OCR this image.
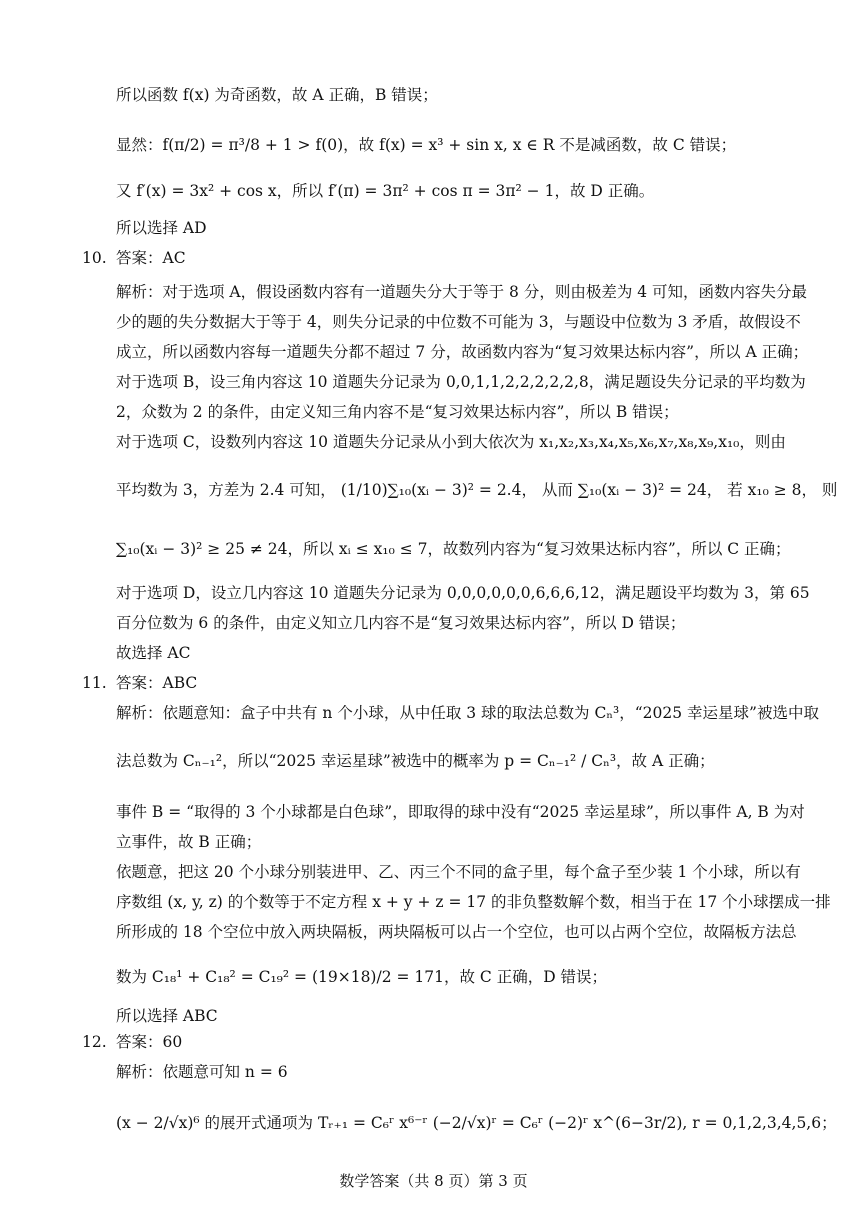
所以函数 f(x) 为奇函数，故 A 正确，B 错误；
显然：f(π/2) = π³/8 + 1 > f(0)，故 f(x) = x³ + sin x, x ∈ R 不是减函数，故 C 错误；
又 f′(x) = 3x² + cos x，所以 f′(π) = 3π² + cos π = 3π² − 1，故 D 正确。
所以选择 AD
解析：对于选项 A，假设函数内容有一道题失分大于等于 8 分，则由极差为 4 可知，函数内容失分最
少的题的失分数据大于等于 4，则失分记录的中位数不可能为 3，与题设中位数为 3 矛盾，故假设不
成立，所以函数内容每一道题失分都不超过 7 分，故函数内容为“复习效果达标内容”，所以 A 正确；
对于选项 B，设三角内容这 10 道题失分记录为 0,0,1,1,2,2,2,2,2,8，满足题设失分记录的平均数为
2，众数为 2 的条件，由定义知三角内容不是“复习效果达标内容”，所以 B 错误；
对于选项 C，设数列内容这 10 道题失分记录从小到大依次为 x₁,x₂,x₃,x₄,x₅,x₆,x₇,x₈,x₉,x₁₀，则由
平均数为 3，方差为 2.4 可知， (1/10)∑₁₀(xᵢ − 3)² = 2.4， 从而 ∑₁₀(xᵢ − 3)² = 24， 若 x₁₀ ≥ 8， 则
∑₁₀(xᵢ − 3)² ≥ 25 ≠ 24，所以 xᵢ ≤ x₁₀ ≤ 7，故数列内容为“复习效果达标内容”，所以 C 正确；
对于选项 D，设立几内容这 10 道题失分记录为 0,0,0,0,0,0,6,6,6,12，满足题设平均数为 3，第 65
百分位数为 6 的条件，由定义知立几内容不是“复习效果达标内容”，所以 D 错误；
故选择 AC
解析：依题意知：盒子中共有 n 个小球，从中任取 3 球的取法总数为 Cₙ³，“2025 幸运星球”被选中取
法总数为 Cₙ₋₁²，所以“2025 幸运星球”被选中的概率为 p = Cₙ₋₁² / Cₙ³，故 A 正确；
事件 B = “取得的 3 个小球都是白色球”，即取得的球中没有“2025 幸运星球”，所以事件 A, B 为对
立事件，故 B 正确；
依题意，把这 20 个小球分别装进甲、乙、丙三个不同的盒子里，每个盒子至少装 1 个小球，所以有
序数组 (x, y, z) 的个数等于不定方程 x + y + z = 17 的非负整数解个数，相当于在 17 个小球摆成一排
所形成的 18 个空位中放入两块隔板，两块隔板可以占一个空位，也可以占两个空位，故隔板方法总
数为 C₁₈¹ + C₁₈² = C₁₉² = (19×18)/2 = 171，故 C 正确，D 错误；
所以选择 ABC
解析：依题意可知 n = 6
(x − 2/√x)⁶ 的展开式通项为 Tᵣ₊₁ = C₆ʳ x⁶⁻ʳ (−2/√x)ʳ = C₆ʳ (−2)ʳ x^(6−3r/2), r = 0,1,2,3,4,5,6；
10. 答案：AC
11. 答案：ABC
12. 答案：60
数学答案（共 8 页）第 3 页
